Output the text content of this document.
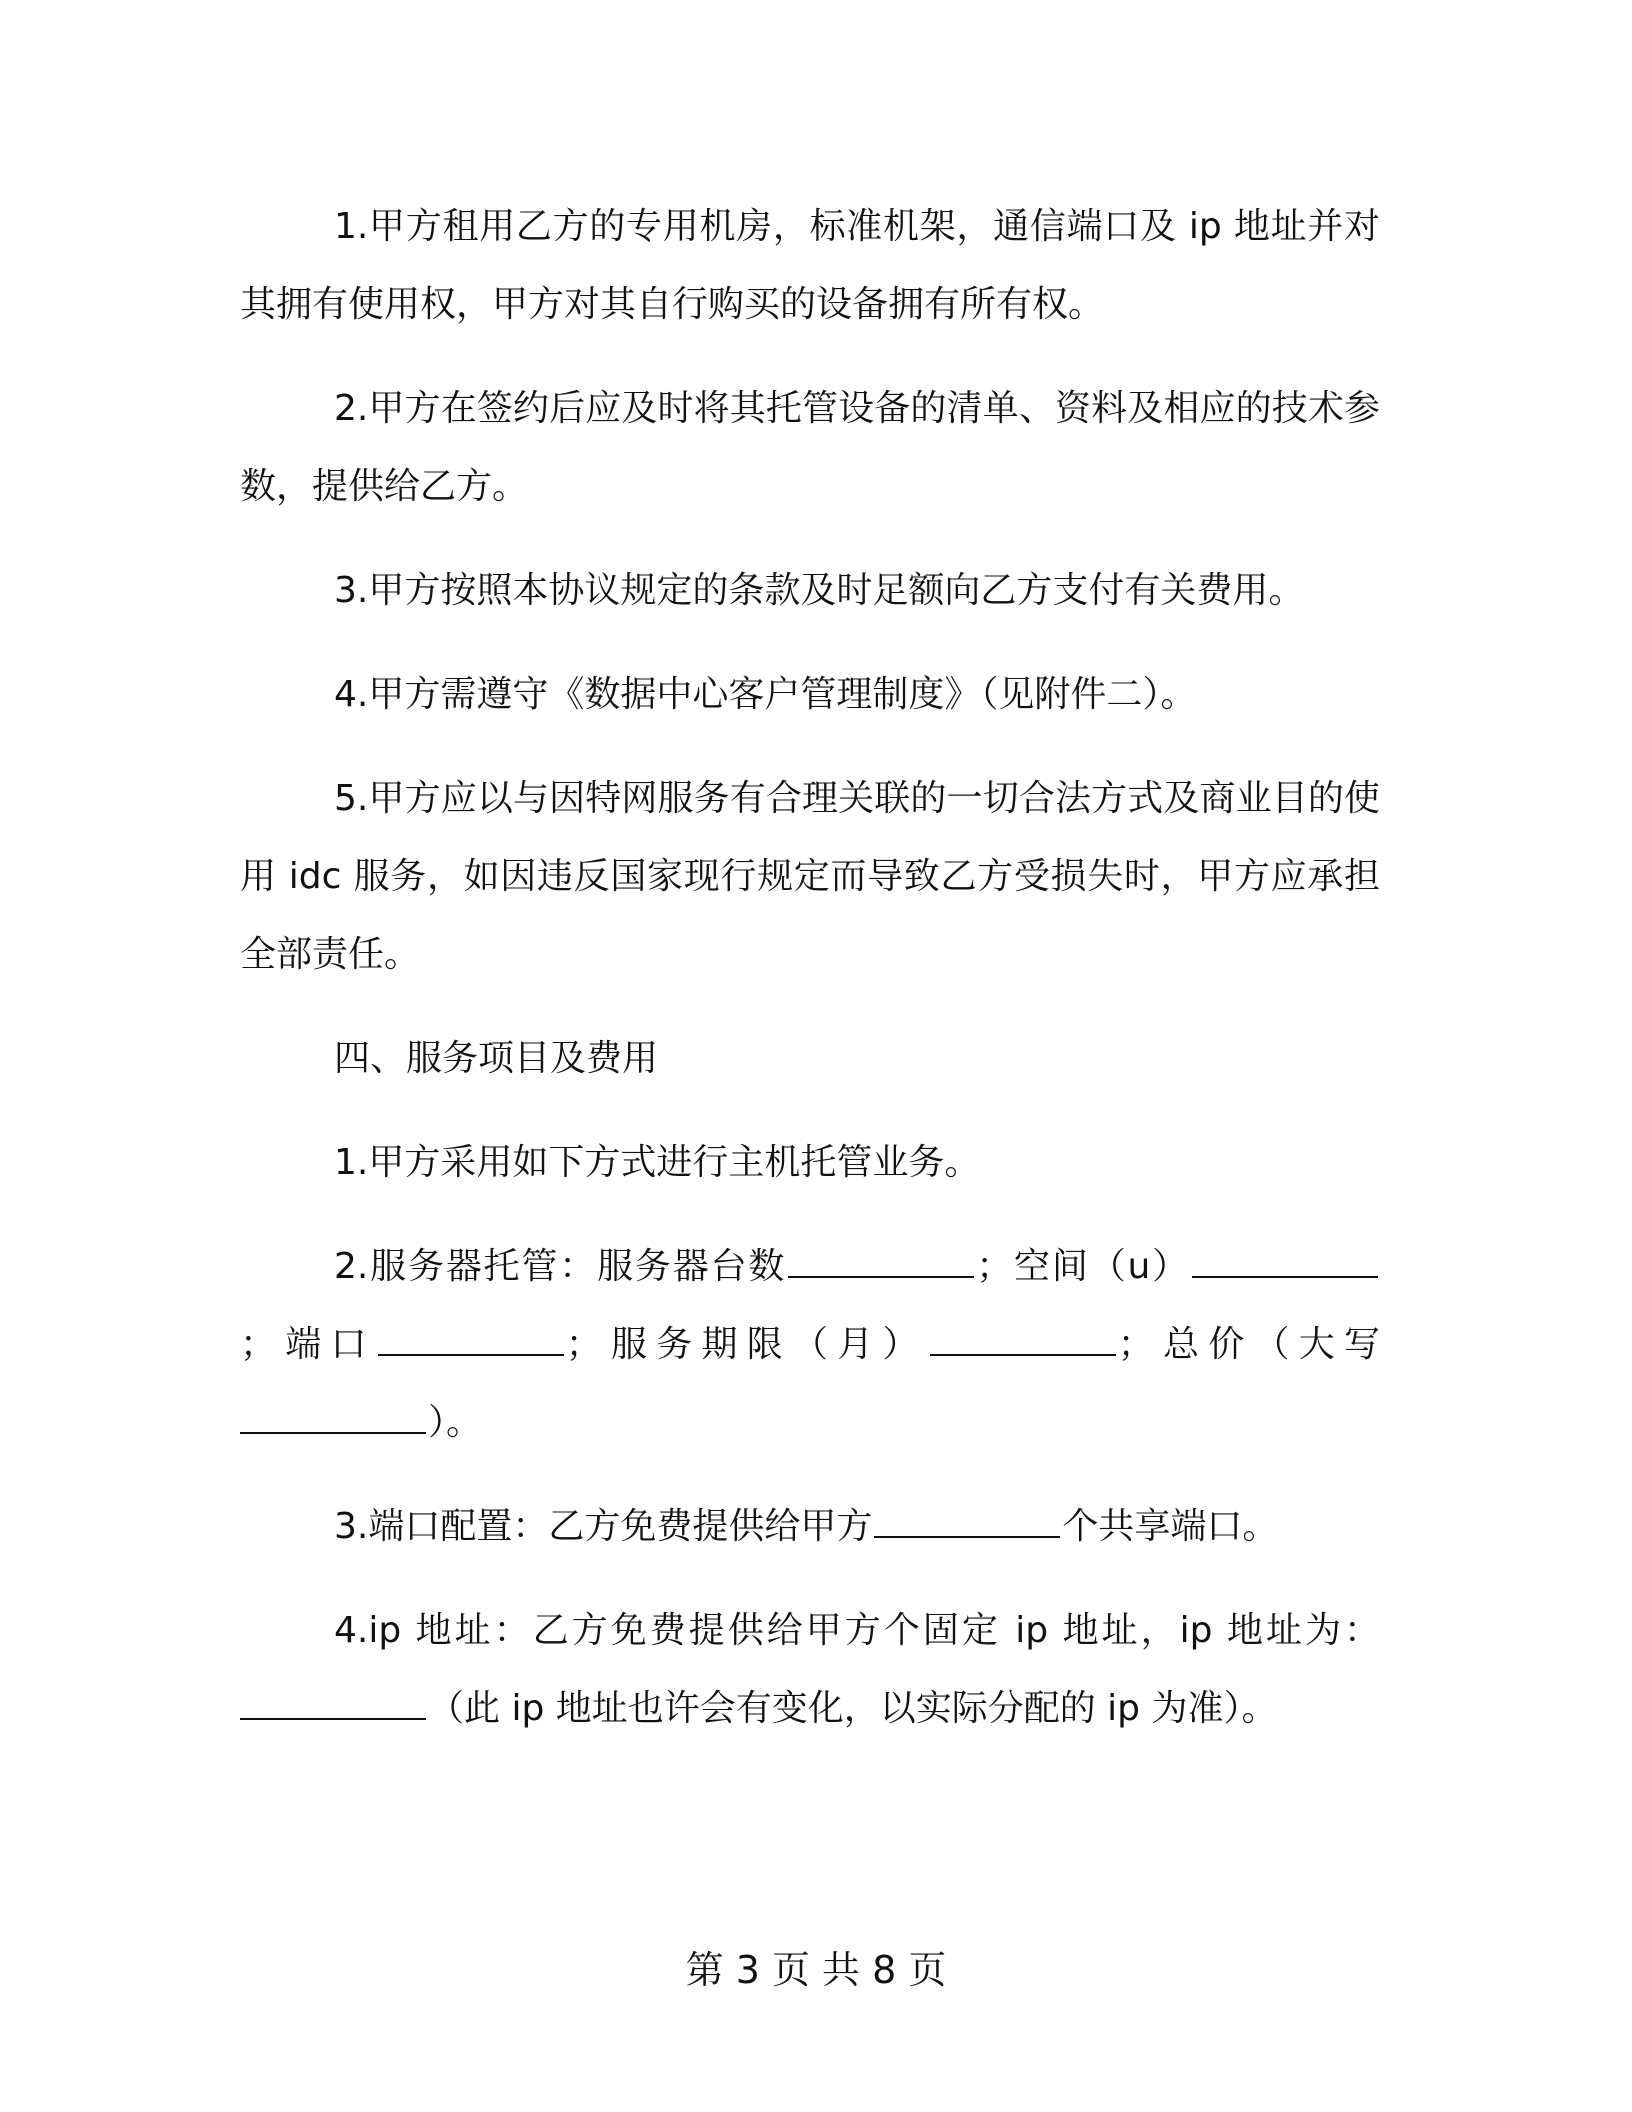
1.甲方租用乙方的专用机房，标准机架，通信端口及 ip 地址并对其拥有使用权，甲方对其自行购买的设备拥有所有权。

2.甲方在签约后应及时将其托管设备的清单、资料及相应的技术参数，提供给乙方。

3.甲方按照本协议规定的条款及时足额向乙方支付有关费用。

4.甲方需遵守《数据中心客户管理制度》（见附件二）。

5.甲方应以与因特网服务有合理关联的一切合法方式及商业目的使用 idc 服务，如因违反国家现行规定而导致乙方受损失时，甲方应承担全部责任。

四、服务项目及费用

1.甲方采用如下方式进行主机托管业务。

2.服务器托管：服务器台数	；空间（u）；端口	；服务期限（月）	；总价（大写）。

3.端口配置：乙方免费提供给甲方	个共享端口。

4.ip 地址：乙方免费提供给甲方个固定 ip 地址，ip 地址为：（此 ip 地址也许会有变化，以实际分配的 ip 为准）。

第 3 页 共 8 页
